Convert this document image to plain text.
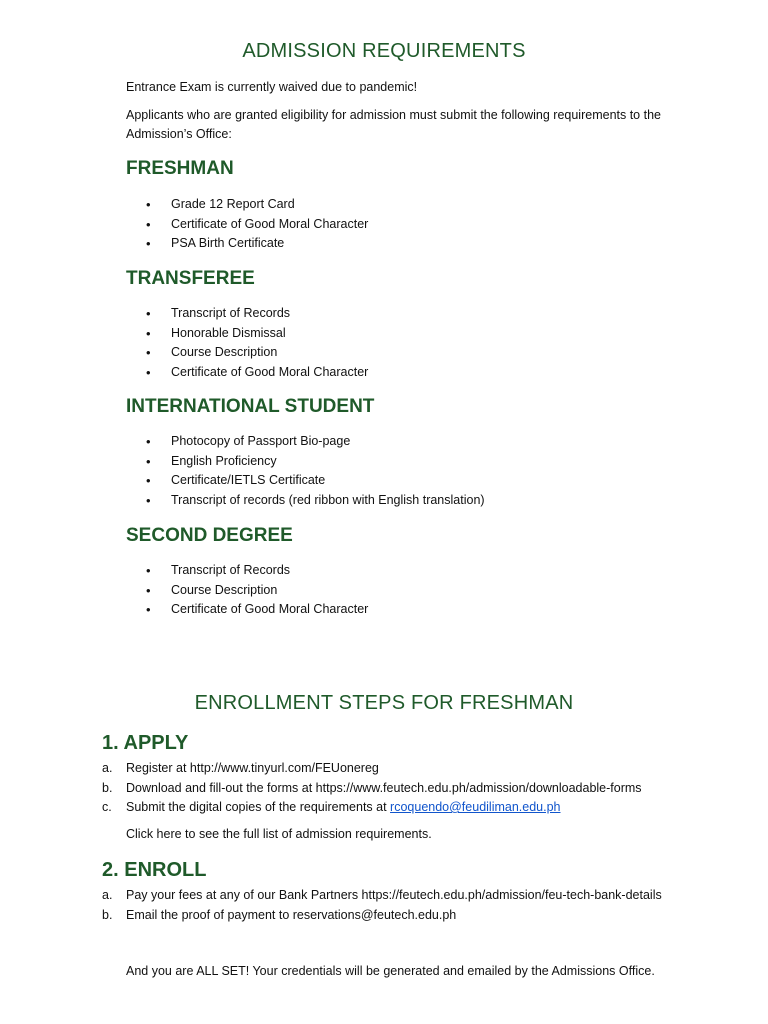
ADMISSION REQUIREMENTS
Entrance Exam is currently waived due to pandemic!
Applicants who are granted eligibility for admission must submit the following requirements to the Admission’s Office:
FRESHMAN
• Grade 12 Report Card
• Certificate of Good Moral Character
• PSA Birth Certificate
TRANSFEREE
• Transcript of Records
• Honorable Dismissal
• Course Description
• Certificate of Good Moral Character
INTERNATIONAL STUDENT
• Photocopy of Passport Bio-page
• English Proficiency
• Certificate/IETLS Certificate
• Transcript of records (red ribbon with English translation)
SECOND DEGREE
• Transcript of Records
• Course Description
• Certificate of Good Moral Character
ENROLLMENT STEPS FOR FRESHMAN
1. APPLY
a.	Register at http://www.tinyurl.com/FEUonereg
b.	Download and fill-out the forms at https://www.feutech.edu.ph/admission/downloadable-forms
c.	Submit the digital copies of the requirements at rcoquendo@feudiliman.edu.ph
Click here to see the full list of admission requirements.
2. ENROLL
a.	Pay your fees at any of our Bank Partners https://feutech.edu.ph/admission/feu-tech-bank-details
b.	Email the proof of payment to reservations@feutech.edu.ph
And you are ALL SET! Your credentials will be generated and emailed by the Admissions Office.
